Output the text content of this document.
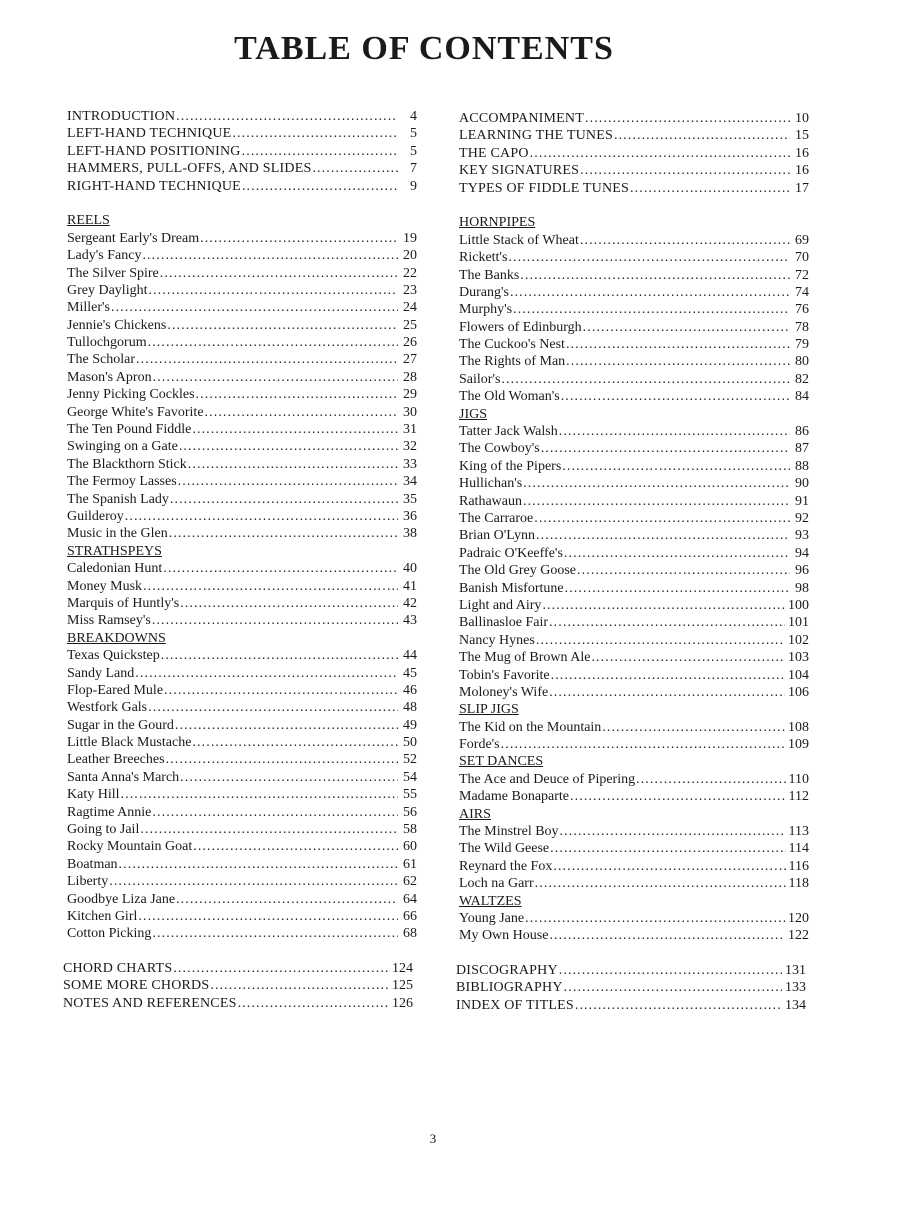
TABLE OF CONTENTS
INTRODUCTION . . .	4
LEFT-HAND TECHNIQUE . . .	5
LEFT-HAND POSITIONING . . .	5
HAMMERS, PULL-OFFS, AND SLIDES . . .	7
RIGHT-HAND TECHNIQUE . . .	9
REELS
Sergeant Early's Dream . . .	19
Lady's Fancy . . .	20
The Silver Spire . . .	22
Grey Daylight . . .	23
Miller's . . .	24
Jennie's Chickens . . .	25
Tullochgorum . . .	26
The Scholar . . .	27
Mason's Apron . . .	28
Jenny Picking Cockles . . .	29
George White's Favorite . . .	30
The Ten Pound Fiddle . . .	31
Swinging on a Gate . . .	32
The Blackthorn Stick . . .	33
The Fermoy Lasses . . .	34
The Spanish Lady . . .	35
Guilderoy . . .	36
Music in the Glen . . .	38
STRATHSPEYS
Caledonian Hunt . . .	40
Money Musk . . .	41
Marquis of Huntly's . . .	42
Miss Ramsey's . . .	43
BREAKDOWNS
Texas Quickstep . . .	44
Sandy Land . . .	45
Flop-Eared Mule . . .	46
Westfork Gals . . .	48
Sugar in the Gourd . . .	49
Little Black Mustache . . .	50
Leather Breeches . . .	52
Santa Anna's March . . .	54
Katy Hill . . .	55
Ragtime Annie . . .	56
Going to Jail . . .	58
Rocky Mountain Goat . . .	60
Boatman . . .	61
Liberty . . .	62
Goodbye Liza Jane . . .	64
Kitchen Girl . . .	66
Cotton Picking . . .	68
ACCOMPANIMENT . . .	10
LEARNING THE TUNES . . .	15
THE CAPO . . .	16
KEY SIGNATURES . . .	16
TYPES OF FIDDLE TUNES . . .	17
HORNPIPES
Little Stack of Wheat . . .	69
Rickett's . . .	70
The Banks . . .	72
Durang's . . .	74
Murphy's . . .	76
Flowers of Edinburgh . . .	78
The Cuckoo's Nest . . .	79
The Rights of Man . . .	80
Sailor's . . .	82
The Old Woman's . . .	84
JIGS
Tatter Jack Walsh . . .	86
The Cowboy's . . .	87
King of the Pipers . . .	88
Hullichan's . . .	90
Rathawaun . . .	91
The Carraroe . . .	92
Brian O'Lynn . . .	93
Padraic O'Keeffe's . . .	94
The Old Grey Goose . . .	96
Banish Misfortune . . .	98
Light and Airy . . .	100
Ballinasloe Fair . . .	101
Nancy Hynes . . .	102
The Mug of Brown Ale . . .	103
Tobin's Favorite . . .	104
Moloney's Wife . . .	106
SLIP JIGS
The Kid on the Mountain . . .	108
Forde's . . .	109
SET DANCES
The Ace and Deuce of Pipering . . .	110
Madame Bonaparte . . .	112
AIRS
The Minstrel Boy . . .	113
The Wild Geese . . .	114
Reynard the Fox . . .	116
Loch na Garr . . .	118
WALTZES
Young Jane . . .	120
My Own House . . .	122
CHORD CHARTS . . .	124
SOME MORE CHORDS . . .	125
NOTES AND REFERENCES . . .	126
DISCOGRAPHY . . .	131
BIBLIOGRAPHY . . .	133
INDEX OF TITLES . . .	134
3
